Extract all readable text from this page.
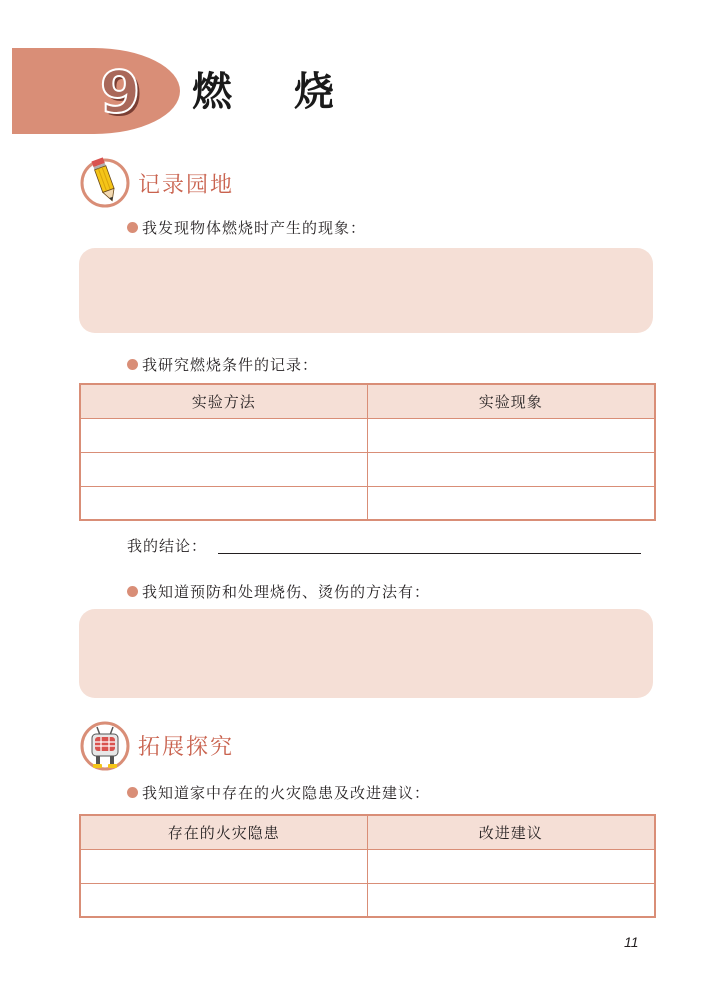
9 燃烧
记录园地
我发现物体燃烧时产生的现象：
我研究燃烧条件的记录：
实验方法	实验现象

我的结论：
我知道预防和处理烧伤、烫伤的方法有：
拓展探究
我知道家中存在的火灾隐患及改进建议：
存在的火灾隐患	改进建议

11
